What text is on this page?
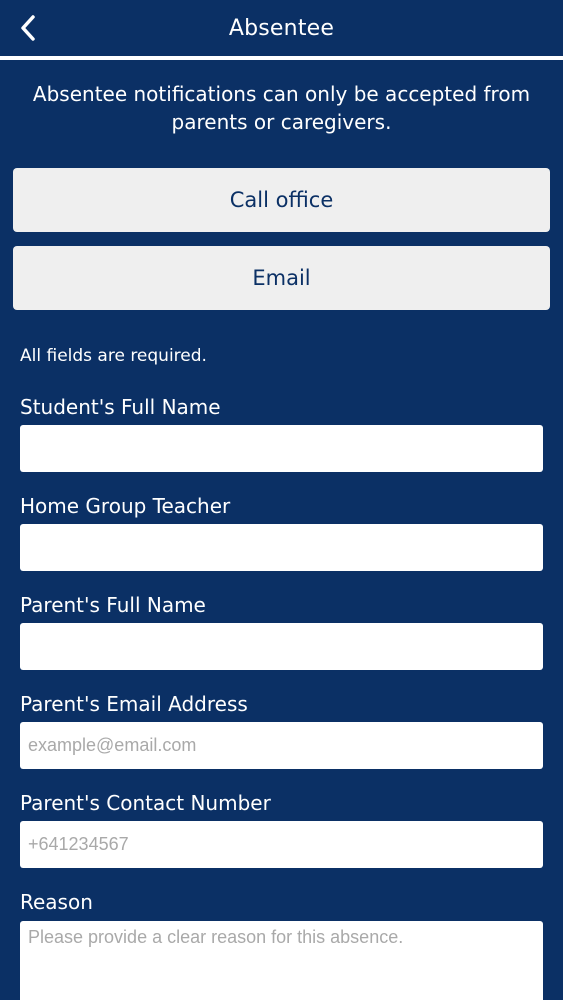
Absentee

Absentee notifications can only be accepted from parents or caregivers.

Call office
Email

All fields are required.

Student's Full Name
Home Group Teacher
Parent's Full Name
Parent's Email Address
example@email.com
Parent's Contact Number
+641234567
Reason
Please provide a clear reason for this absence.
